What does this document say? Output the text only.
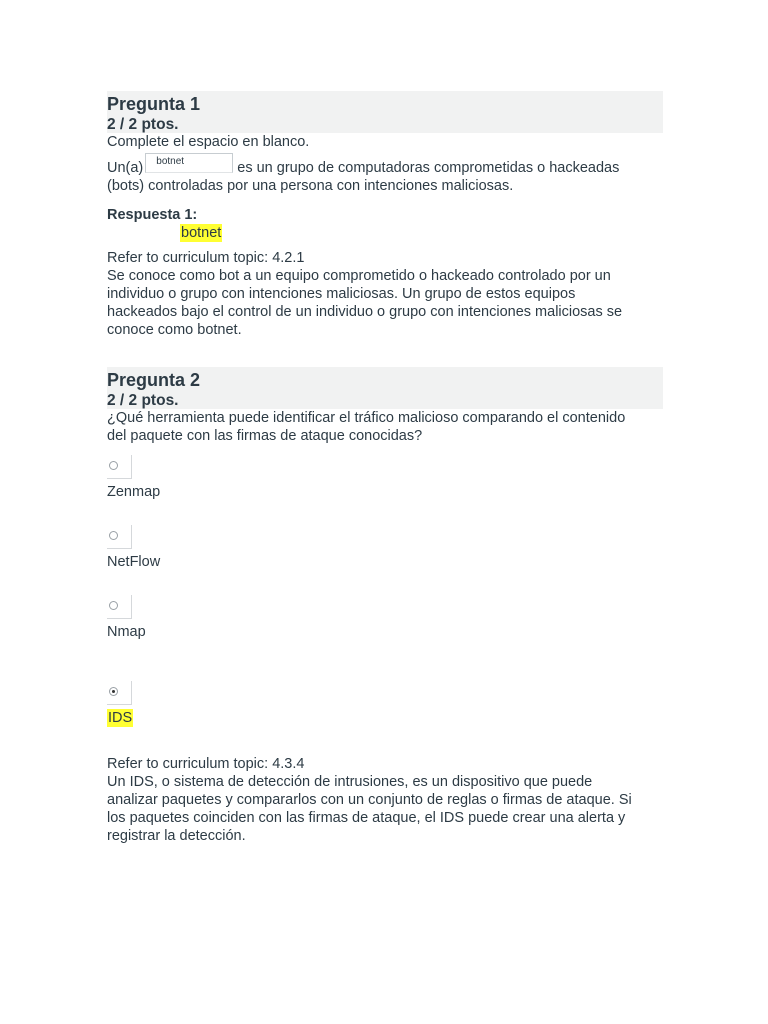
Pregunta 1
2 / 2 ptos.
Complete el espacio en blanco.
Un(a) botnet	es un grupo de computadoras comprometidas o hackeadas
(bots) controladas por una persona con intenciones maliciosas.
Respuesta 1:
botnet
Refer to curriculum topic: 4.2.1
Se conoce como bot a un equipo comprometido o hackeado controlado por un
individuo o grupo con intenciones maliciosas. Un grupo de estos equipos
hackeados bajo el control de un individuo o grupo con intenciones maliciosas se
conoce como botnet.
Pregunta 2
2 / 2 ptos.
¿Qué herramienta puede identificar el tráfico malicioso comparando el contenido
del paquete con las firmas de ataque conocidas?
Zenmap
NetFlow
Nmap
IDS
Refer to curriculum topic: 4.3.4
Un IDS, o sistema de detección de intrusiones, es un dispositivo que puede
analizar paquetes y compararlos con un conjunto de reglas o firmas de ataque. Si
los paquetes coinciden con las firmas de ataque, el IDS puede crear una alerta y
registrar la detección.
